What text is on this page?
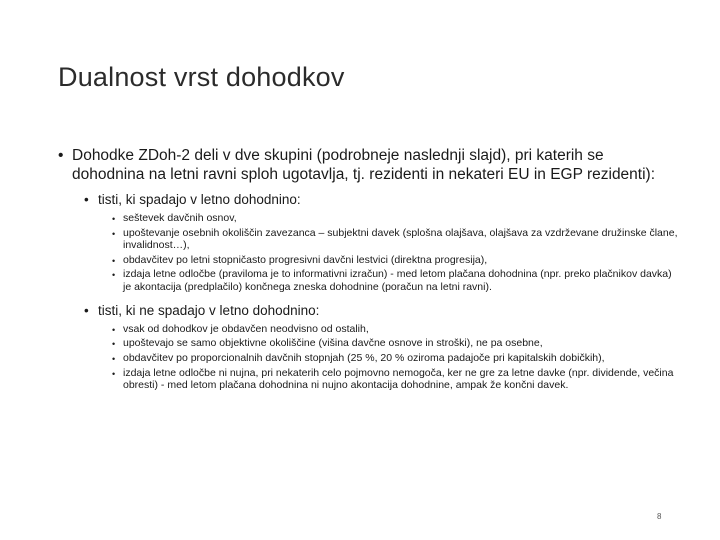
Dualnost vrst dohodkov
• Dohodke ZDoh-2 deli v dve skupini (podrobneje naslednji slajd), pri katerih se dohodnina na letni ravni sploh ugotavlja, tj. rezidenti in nekateri EU in EGP rezidenti):
• tisti, ki spadajo v letno dohodnino:
• seštevek davčnih osnov,
• upoštevanje osebnih okoliščin zavezanca – subjektni davek (splošna olajšava, olajšava za vzdrževane družinske člane, invalidnost…),
• obdavčitev po letni stopničasto progresivni davčni lestvici (direktna progresija),
• izdaja letne odločbe (praviloma je to informativni izračun) - med letom plačana dohodnina (npr. preko plačnikov davka) je akontacija (predplačilo) končnega zneska dohodnine (poračun na letni ravni).
• tisti, ki ne spadajo v letno dohodnino:
• vsak od dohodkov je obdavčen neodvisno od ostalih,
• upoštevajo se samo objektivne okoliščine (višina davčne osnove in stroški), ne pa osebne,
• obdavčitev po proporcionalnih davčnih stopnjah (25 %, 20 % oziroma padajoče pri kapitalskih dobičkih),
• izdaja letne odločbe ni nujna, pri nekaterih celo pojmovno nemogoča, ker ne gre za letne davke (npr. dividende, večina obresti) - med letom plačana dohodnina ni nujno akontacija dohodnine, ampak že končni davek.
8
